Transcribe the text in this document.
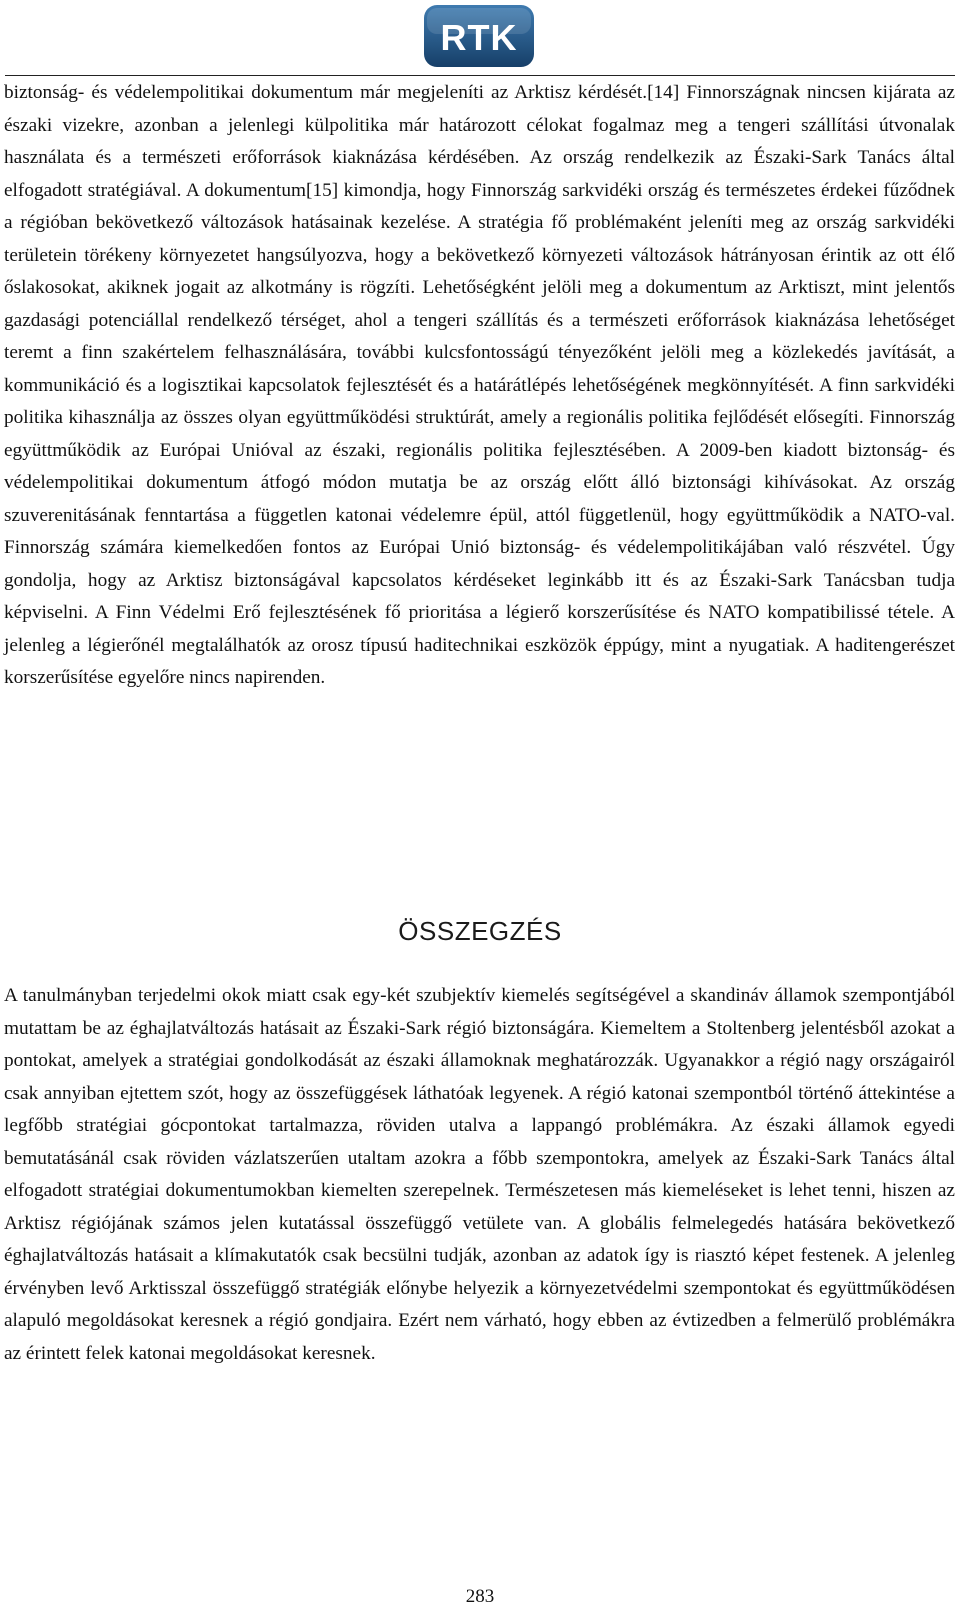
RTK

biztonság- és védelempolitikai dokumentum már megjeleníti az Arktisz kérdését.[14] Finnországnak nincsen kijárata az északi vizekre, azonban a jelenlegi külpolitika már határozott célokat fogalmaz meg a tengeri szállítási útvonalak használata és a természeti erőforrások kiaknázása kérdésében. Az ország rendelkezik az Északi-Sark Tanács által elfogadott stratégiával. A dokumentum[15] kimondja, hogy Finnország sarkvidéki ország és természetes érdekei fűződnek a régióban bekövetkező változások hatásainak kezelése. A stratégia fő problémaként jeleníti meg az ország sarkvidéki területein törékeny környezetet hangsúlyozva, hogy a bekövetkező környezeti változások hátrányosan érintik az ott élő őslakosokat, akiknek jogait az alkotmány is rögzíti. Lehetőségként jelöli meg a dokumentum az Arktiszt, mint jelentős gazdasági potenciállal rendelkező térséget, ahol a tengeri szállítás és a természeti erőforrások kiaknázása lehetőséget teremt a finn szakértelem felhasználására, további kulcsfontosságú tényezőként jelöli meg a közlekedés javítását, a kommunikáció és a logisztikai kapcsolatok fejlesztését és a határátlépés lehetőségének megkönnyítését. A finn sarkvidéki politika kihasználja az összes olyan együttműködési struktúrát, amely a regionális politika fejlődését elősegíti. Finnország együttműködik az Európai Unióval az északi, regionális politika fejlesztésében. A 2009-ben kiadott biztonság- és védelempolitikai dokumentum átfogó módon mutatja be az ország előtt álló biztonsági kihívásokat. Az ország szuverenitásának fenntartása a független katonai védelemre épül, attól függetlenül, hogy együttműködik a NATO-val. Finnország számára kiemelkedően fontos az Európai Unió biztonság- és védelempolitikájában való részvétel. Úgy gondolja, hogy az Arktisz biztonságával kapcsolatos kérdéseket leginkább itt és az Északi-Sark Tanácsban tudja képviselni. A Finn Védelmi Erő fejlesztésének fő prioritása a légierő korszerűsítése és NATO kompatibilissé tétele. A jelenleg a légierőnél megtalálhatók az orosz típusú haditechnikai eszközök éppúgy, mint a nyugatiak. A haditengerészet korszerűsítése egyelőre nincs napirenden.

ÖSSZEGZÉS

A tanulmányban terjedelmi okok miatt csak egy-két szubjektív kiemelés segítségével a skandináv államok szempontjából mutattam be az éghajlatváltozás hatásait az Északi-Sark régió biztonságára. Kiemeltem a Stoltenberg jelentésből azokat a pontokat, amelyek a stratégiai gondolkodását az északi államoknak meghatározzák. Ugyanakkor a régió nagy országairól csak annyiban ejtettem szót, hogy az összefüggések láthatóak legyenek. A régió katonai szempontból történő áttekintése a legfőbb stratégiai gócpontokat tartalmazza, röviden utalva a lappangó problémákra. Az északi államok egyedi bemutatásánál csak röviden vázlatszerűen utaltam azokra a főbb szempontokra, amelyek az Északi-Sark Tanács által elfogadott stratégiai dokumentumokban kiemelten szerepelnek. Természetesen más kiemeléseket is lehet tenni, hiszen az Arktisz régiójának számos jelen kutatással összefüggő vetülete van. A globális felmelegedés hatására bekövetkező éghajlatváltozás hatásait a klímakutatók csak becsülni tudják, azonban az adatok így is riasztó képet festenek. A jelenleg érvényben levő Arktisszal összefüggő stratégiák előnybe helyezik a környezetvédelmi szempontokat és együttműködésen alapuló megoldásokat keresnek a régió gondjaira. Ezért nem várható, hogy ebben az évtizedben a felmerülő problémákra az érintett felek katonai megoldásokat keresnek.

283
